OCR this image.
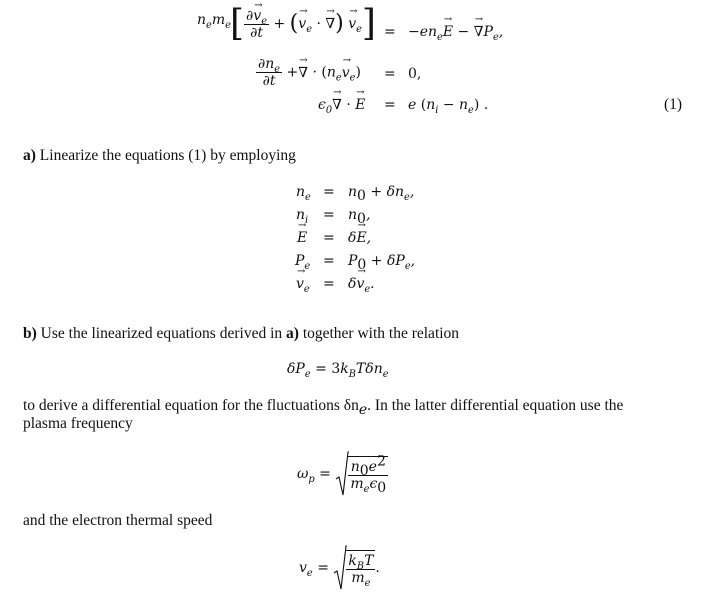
$n_em_e$ [ $\frac{\partial\to v_e}{\partial t}$ + (→ $v_e$ · → ∇) → $v_e] = -en_e\to E$ − → $\nabla P_e$,
$\frac{\partial n_e}{\partial t}$ +→ ∇ · $(n_e\to v_e) = 0$,
$\epsilon_0\to$ ∇ · → E = e $(n_i - n_e)$ .	(1)
a) Linearize the equations (1) by employing
$n_e = n_0 + \delta n_e$,
$n_i = n_0$,
→ E = δ→ E,
$P_e = P_0 + \delta P_e$,
→ $v_e = \delta\to v_e$.
b) Use the linearized equations derived in a) together with the relation
$\delta P_e = 3k_BT\delta n_e$
to derive a differential equation for the fluctuations $\delta n_e$. In the latter differential equation use the
plasma frequency
$\omega_p = \frac{n_0e^2}{m_e\epsilon_0}$
and the electron thermal speed
$v_e = \frac{k_BT}{m_e}$ .
